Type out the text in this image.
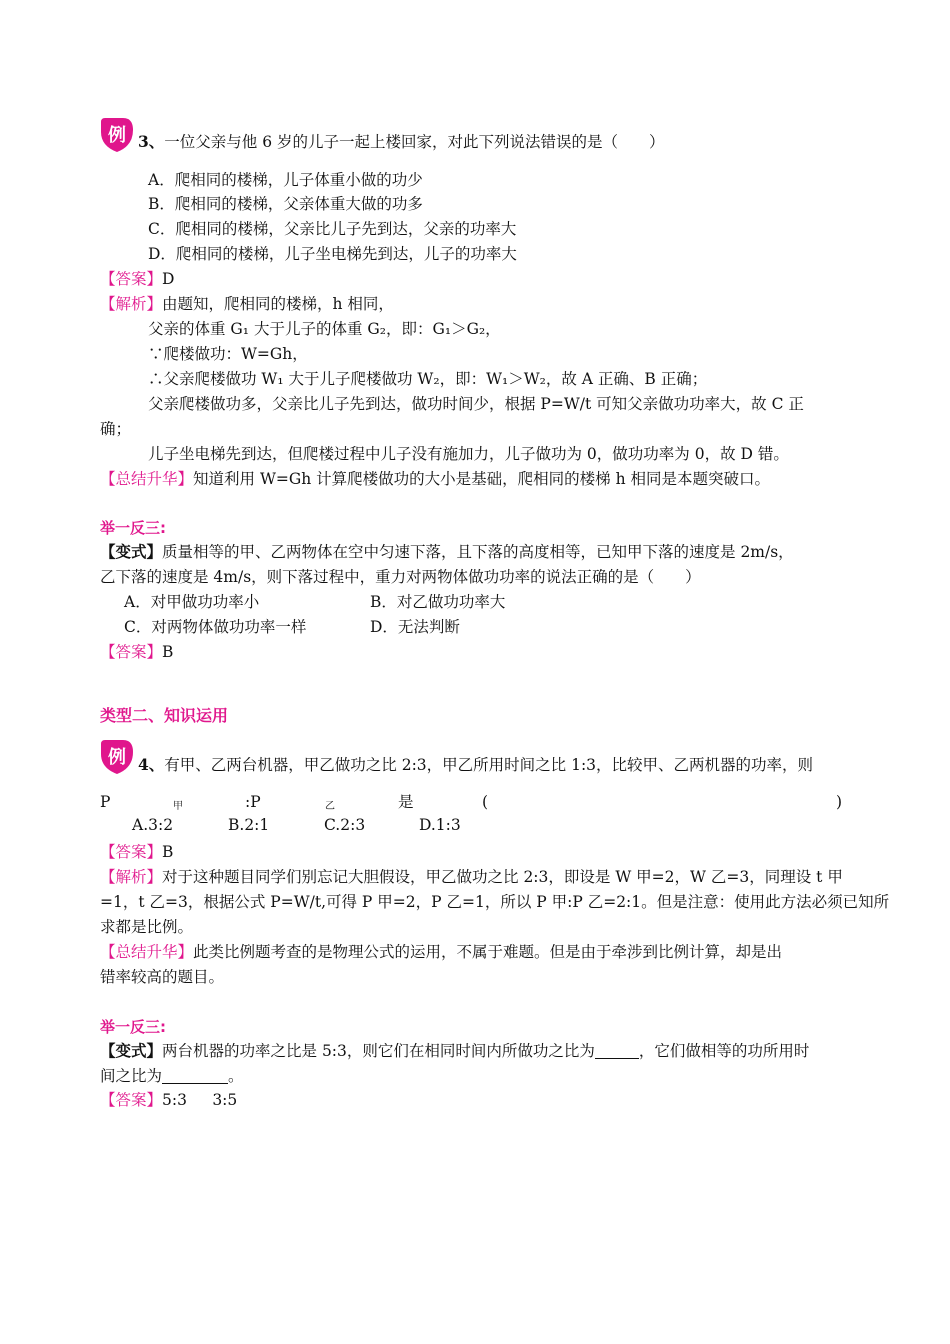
例 3、一位父亲与他 6 岁的儿子一起上楼回家，对此下列说法错误的是（　　）
A．爬相同的楼梯，儿子体重小做的功少
B．爬相同的楼梯，父亲体重大做的功多
C．爬相同的楼梯，父亲比儿子先到达，父亲的功率大
D．爬相同的楼梯，儿子坐电梯先到达，儿子的功率大
【答案】D
【解析】由题知，爬相同的楼梯，h 相同，
父亲的体重 G₁ 大于儿子的体重 G₂，即：G₁＞G₂，
∵爬楼做功：W=Gh，
∴父亲爬楼做功 W₁ 大于儿子爬楼做功 W₂，即：W₁＞W₂，故 A 正确、B 正确；
父亲爬楼做功多，父亲比儿子先到达，做功时间少，根据 P=W/t 可知父亲做功功率大，故 C 正
确；
儿子坐电梯先到达，但爬楼过程中儿子没有施加力，儿子做功为 0，做功功率为 0，故 D 错。
【总结升华】知道利用 W=Gh 计算爬楼做功的大小是基础，爬相同的楼梯 h 相同是本题突破口。
举一反三:
【变式】质量相等的甲、乙两物体在空中匀速下落，且下落的高度相等，已知甲下落的速度是 2m/s，
乙下落的速度是 4m/s，则下落过程中，重力对两物体做功功率的说法正确的是（　　）
A．对甲做功功率小	B．对乙做功功率大
C．对两物体做功功率一样	D．无法判断
【答案】B
类型二、知识运用
例 4、有甲、乙两台机器，甲乙做功之比 2:3，甲乙所用时间之比 1:3，比较甲、乙两机器的功率，则
P	甲	:P	乙	是	(	)
A.3:2	B.2:1	C.2:3	D.1:3
【答案】B
【解析】对于这种题目同学们别忘记大胆假设，甲乙做功之比 2:3，即设是 W 甲=2，W 乙=3，同理设 t 甲
=1，t 乙=3，根据公式 P=W/t,可得 P 甲=2，P 乙=1，所以 P 甲:P 乙=2:1。但是注意：使用此方法必须已知所
求都是比例。
【总结升华】此类比例题考查的是物理公式的运用，不属于难题。但是由于牵涉到比例计算，却是出
错率较高的题目。
举一反三:
【变式】两台机器的功率之比是 5:3，则它们在相同时间内所做功之比为	，它们做相等的功所用时
间之比为	。
【答案】5:3　  3:5
